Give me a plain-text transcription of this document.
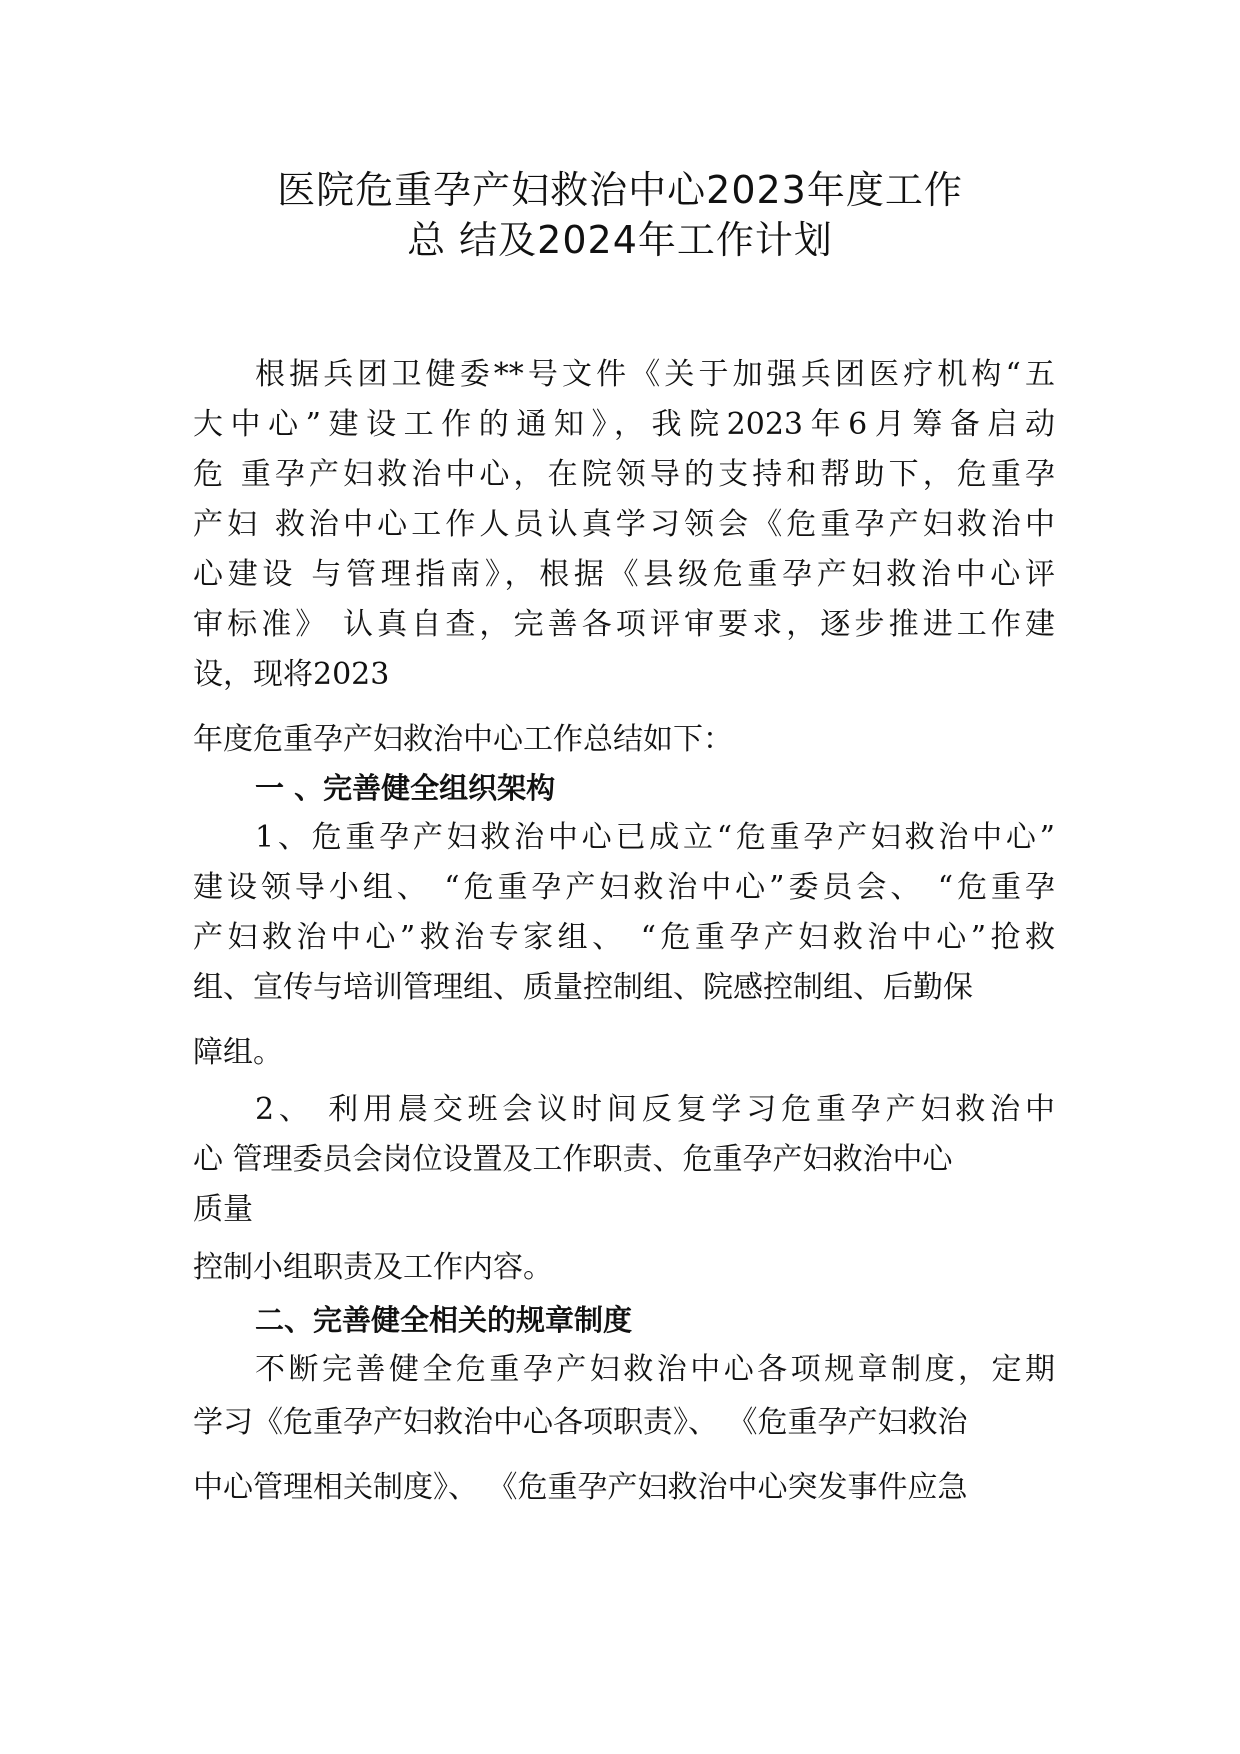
医院危重孕产妇救治中心2023年度工作
总 结及2024年工作计划
根据兵团卫健委**号文件《关于加强兵团医疗机构“五
大中心”建设工作的通知》，我院2023年6月筹备启动
危 重孕产妇救治中心，在院领导的支持和帮助下，危重孕
产妇 救治中心工作人员认真学习领会《危重孕产妇救治中
心建设 与管理指南》，根据《县级危重孕产妇救治中心评
审标准》 认真自查，完善各项评审要求，逐步推进工作建
设，现将2023
年度危重孕产妇救治中心工作总结如下：
一 、完善健全组织架构
1、危重孕产妇救治中心已成立“危重孕产妇救治中心”
建设领导小组、 “危重孕产妇救治中心”委员会、 “危重孕
产妇救治中心”救治专家组、 “危重孕产妇救治中心”抢救
组、宣传与培训管理组、质量控制组、院感控制组、后勤保
障组。
2、 利用晨交班会议时间反复学习危重孕产妇救治中
心 管理委员会岗位设置及工作职责、危重孕产妇救治中心
质量
控制小组职责及工作内容。
二、完善健全相关的规章制度
不断完善健全危重孕产妇救治中心各项规章制度，定期
学习《危重孕产妇救治中心各项职责》、 《危重孕产妇救治
中心管理相关制度》、 《危重孕产妇救治中心突发事件应急
